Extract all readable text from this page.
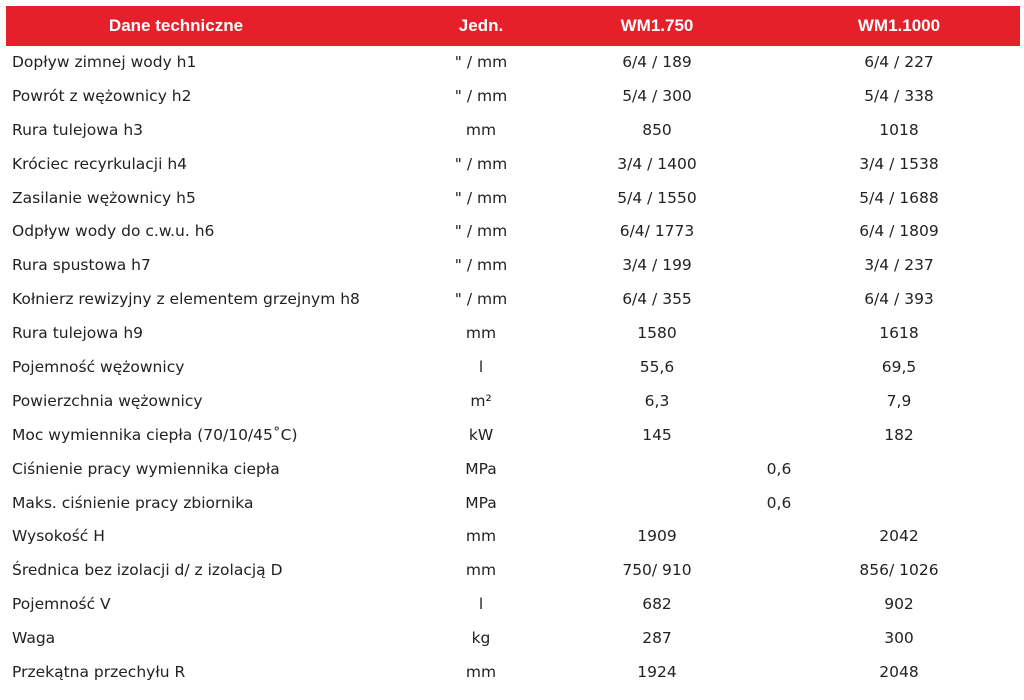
Dane techniczne	Jedn.	WM1.750	WM1.1000
Dopływ zimnej wody h1	" / mm	6/4 / 189	6/4 / 227
Powrót z wężownicy h2	" / mm	5/4 / 300	5/4 / 338
Rura tulejowa h3	mm	850	1018
Króciec recyrkulacji h4	" / mm	3/4 / 1400	3/4 / 1538
Zasilanie wężownicy h5	" / mm	5/4 / 1550	5/4 / 1688
Odpływ wody do c.w.u. h6	" / mm	6/4/ 1773	6/4 / 1809
Rura spustowa h7	" / mm	3/4 / 199	3/4 / 237
Kołnierz rewizyjny z elementem grzejnym h8	" / mm	6/4 / 355	6/4 / 393
Rura tulejowa h9	mm	1580	1618
Pojemność wężownicy	l	55,6	69,5
Powierzchnia wężownicy	m²	6,3	7,9
Moc wymiennika ciepła (70/10/45˚C)	kW	145	182
Ciśnienie pracy wymiennika ciepła	MPa	0,6
Maks. ciśnienie pracy zbiornika	MPa	0,6
Wysokość H	mm	1909	2042
Średnica bez izolacji d/ z izolacją D	mm	750/ 910	856/ 1026
Pojemność V	l	682	902
Waga	kg	287	300
Przekątna przechyłu R	mm	1924	2048
